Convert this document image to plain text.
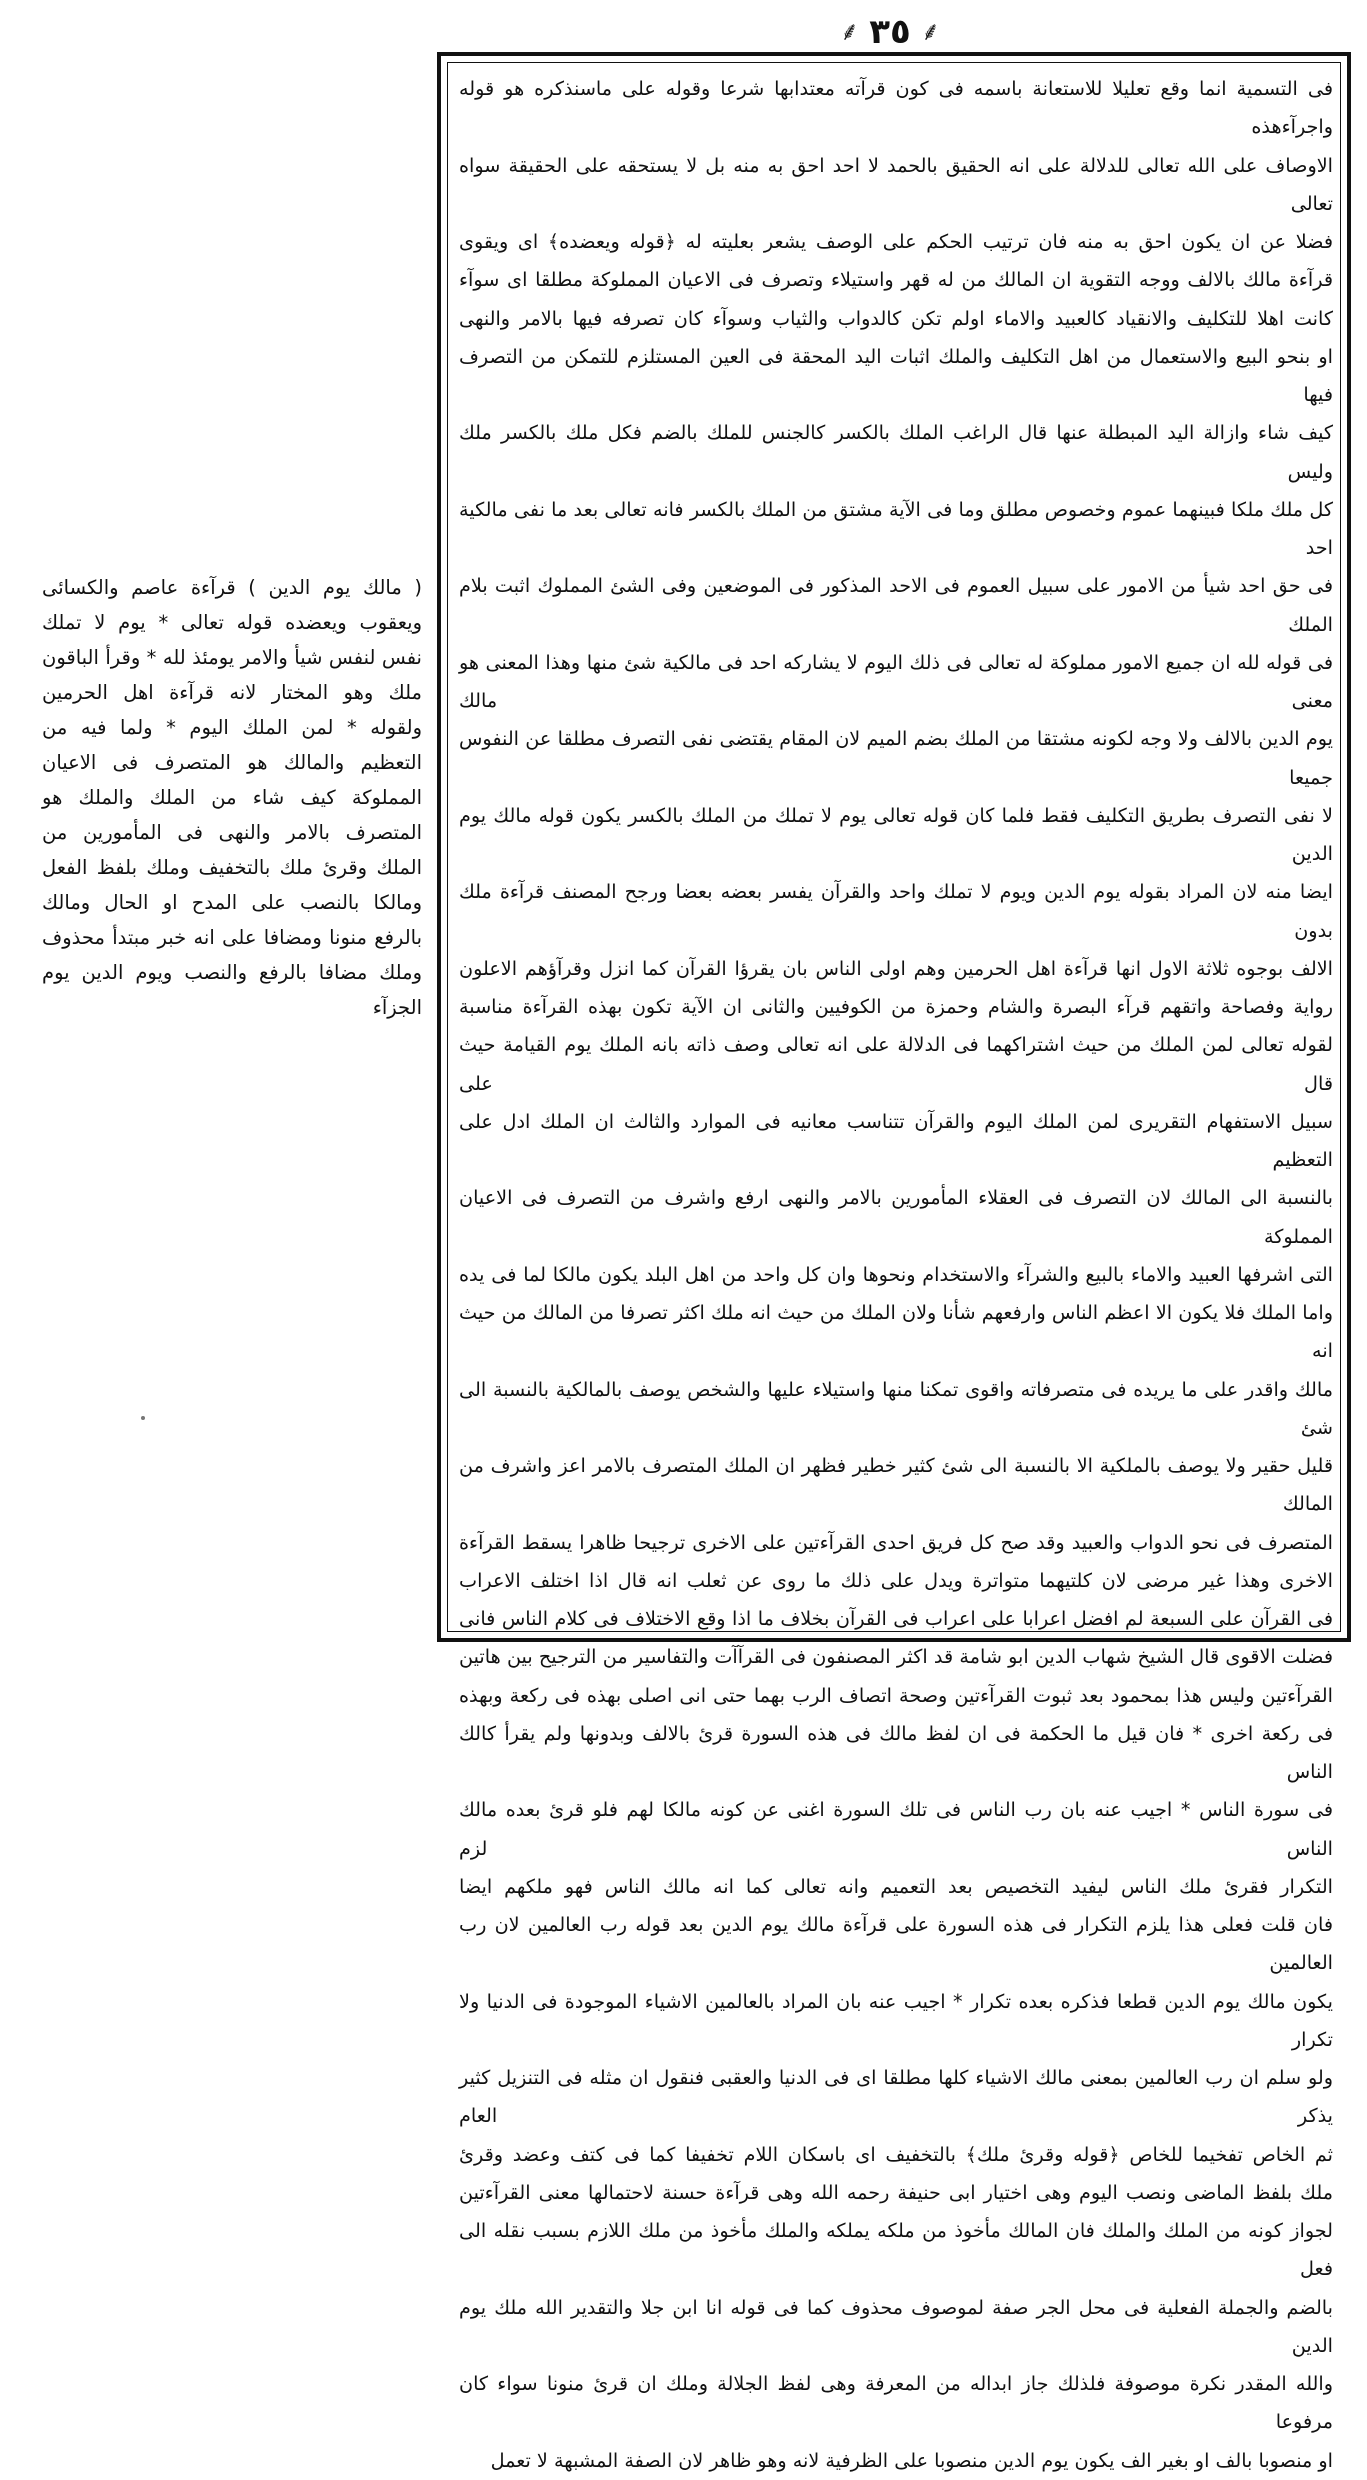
⸙ ٣٥ ⸙

فى التسمية انما وقع تعليلا للاستعانة باسمه فى كون قرآته معتدابها شرعا وقوله على ماسنذكره هو قوله واجرآءهذه

الاوصاف على الله تعالى للدلالة على انه الحقيق بالحمد لا احد احق به منه بل لا يستحقه على الحقيقة سواه تعالى

فضلا عن ان يكون احق به منه فان ترتيب الحكم على الوصف يشعر بعليته له ﴿قوله ويعضده﴾ اى ويقوى

قرآءة مالك بالالف ووجه التقوية ان المالك من له قهر واستيلاء وتصرف فى الاعيان المملوكة مطلقا اى سوآء

كانت اهلا للتكليف والانقياد كالعبيد والاماء اولم تكن كالدواب والثياب وسوآء كان تصرفه فيها بالامر والنهى

او بنحو البيع والاستعمال من اهل التكليف والملك اثبات اليد المحقة فى العين المستلزم للتمكن من التصرف فيها

كيف شاء وازالة اليد المبطلة عنها قال الراغب الملك بالكسر كالجنس للملك بالضم فكل ملك بالكسر ملك وليس

كل ملك ملكا فبينهما عموم وخصوص مطلق وما فى الآية مشتق من الملك بالكسر فانه تعالى بعد ما نفى مالكية احد

فى حق احد شيأ من الامور على سبيل العموم فى الاحد المذكور فى الموضعين وفى الشئ المملوك اثبت بلام الملك

فى قوله لله ان جميع الامور مملوكة له تعالى فى ذلك اليوم لا يشاركه احد فى مالكية شئ منها وهذا المعنى هو معنى مالك

يوم الدين بالالف ولا وجه لكونه مشتقا من الملك بضم الميم لان المقام يقتضى نفى التصرف مطلقا عن النفوس جميعا

لا نفى التصرف بطريق التكليف فقط فلما كان قوله تعالى يوم لا تملك من الملك بالكسر يكون قوله مالك يوم الدين

ايضا منه لان المراد بقوله يوم الدين ويوم لا تملك واحد والقرآن يفسر بعضه بعضا ورجح المصنف قرآءة ملك بدون

الالف بوجوه ثلاثة الاول انها قرآءة اهل الحرمين وهم اولى الناس بان يقرؤا القرآن كما انزل وقرآؤهم الاعلون

رواية وفصاحة واتقهم قرآء البصرة والشام وحمزة من الكوفيين والثانى ان الآية تكون بهذه القرآءة مناسبة

لقوله تعالى لمن الملك من حيث اشتراكهما فى الدلالة على انه تعالى وصف ذاته بانه الملك يوم القيامة حيث قال على

سبيل الاستفهام التقريرى لمن الملك اليوم والقرآن تتناسب معانيه فى الموارد والثالث ان الملك ادل على التعظيم

بالنسبة الى المالك لان التصرف فى العقلاء المأمورين بالامر والنهى ارفع واشرف من التصرف فى الاعيان المملوكة

التى اشرفها العبيد والاماء بالبيع والشرآء والاستخدام ونحوها وان كل واحد من اهل البلد يكون مالكا لما فى يده

واما الملك فلا يكون الا اعظم الناس وارفعهم شأنا ولان الملك من حيث انه ملك اكثر تصرفا من المالك من حيث انه

مالك واقدر على ما يريده فى متصرفاته واقوى تمكنا منها واستيلاء عليها والشخص يوصف بالمالكية بالنسبة الى شئ

قليل حقير ولا يوصف بالملكية الا بالنسبة الى شئ كثير خطير فظهر ان الملك المتصرف بالامر اعز واشرف من المالك

المتصرف فى نحو الدواب والعبيد وقد صح كل فريق احدى القرآءتين على الاخرى ترجيحا ظاهرا يسقط القرآءة

الاخرى وهذا غير مرضى لان كلتيهما متواترة ويدل على ذلك ما روى عن ثعلب انه قال اذا اختلف الاعراب

فى القرآن على السبعة لم افضل اعرابا على اعراب فى القرآن بخلاف ما اذا وقع الاختلاف فى كلام الناس فانى

فضلت الاقوى قال الشيخ شهاب الدين ابو شامة قد اكثر المصنفون فى القرآآت والتفاسير من الترجيح بين هاتين

القرآءتين وليس هذا بمحمود بعد ثبوت القرآءتين وصحة اتصاف الرب بهما حتى انى اصلى بهذه فى ركعة وبهذه

فى ركعة اخرى * فان قيل ما الحكمة فى ان لفظ مالك فى هذه السورة قرئ بالالف وبدونها ولم يقرأ كالك الناس

فى سورة الناس * اجيب عنه بان رب الناس فى تلك السورة اغنى عن كونه مالكا لهم فلو قرئ بعده مالك الناس لزم

التكرار فقرئ ملك الناس ليفيد التخصيص بعد التعميم وانه تعالى كما انه مالك الناس فهو ملكهم ايضا

فان قلت فعلى هذا يلزم التكرار فى هذه السورة على قرآءة مالك يوم الدين بعد قوله رب العالمين لان رب العالمين

يكون مالك يوم الدين قطعا فذكره بعده تكرار * اجيب عنه بان المراد بالعالمين الاشياء الموجودة فى الدنيا ولا تكرار

ولو سلم ان رب العالمين بمعنى مالك الاشياء كلها مطلقا اى فى الدنيا والعقبى فنقول ان مثله فى التنزيل كثير يذكر العام

ثم الخاص تفخيما للخاص ﴿قوله وقرئ ملك﴾ بالتخفيف اى باسكان اللام تخفيفا كما فى كتف وعضد وقرئ

ملك بلفظ الماضى ونصب اليوم وهى اختيار ابى حنيفة رحمه الله وهى قرآءة حسنة لاحتمالها معنى القرآءتين

لجواز كونه من الملك والملك فان المالك مأخوذ من ملكه يملكه والملك مأخوذ من ملك اللازم بسبب نقله الى فعل

بالضم والجملة الفعلية فى محل الجر صفة لموصوف محذوف كما فى قوله انا ابن جلا والتقدير الله ملك يوم الدين

والله المقدر نكرة موصوفة فلذلك جاز ابداله من المعرفة وهى لفظ الجلالة وملك ان قرئ منونا سواء كان مرفوعا

او منصوبا بالف او بغير الف يكون يوم الدين منصوبا على الظرفية لانه وهو ظاهر لان الصفة المشبهة لا تعمل

( مالك يوم الدين ) قرآءة عاصم والكسائى ويعقوب ويعضده قوله تعالى * يوم لا تملك نفس لنفس شيأ والامر يومئذ لله * وقرأ الباقون ملك وهو المختار لانه قرآءة اهل الحرمين ولقوله * لمن الملك اليوم * ولما فيه من التعظيم والمالك هو المتصرف فى الاعيان المملوكة كيف شاء من الملك والملك هو المتصرف بالامر والنهى فى المأمورين من الملك وقرئ ملك بالتخفيف وملك بلفظ الفعل ومالكا بالنصب على المدح او الحال ومالك بالرفع منونا ومضافا على انه خبر مبتدأ محذوف وملك مضافا بالرفع والنصب ويوم الدين يوم الجزآء
